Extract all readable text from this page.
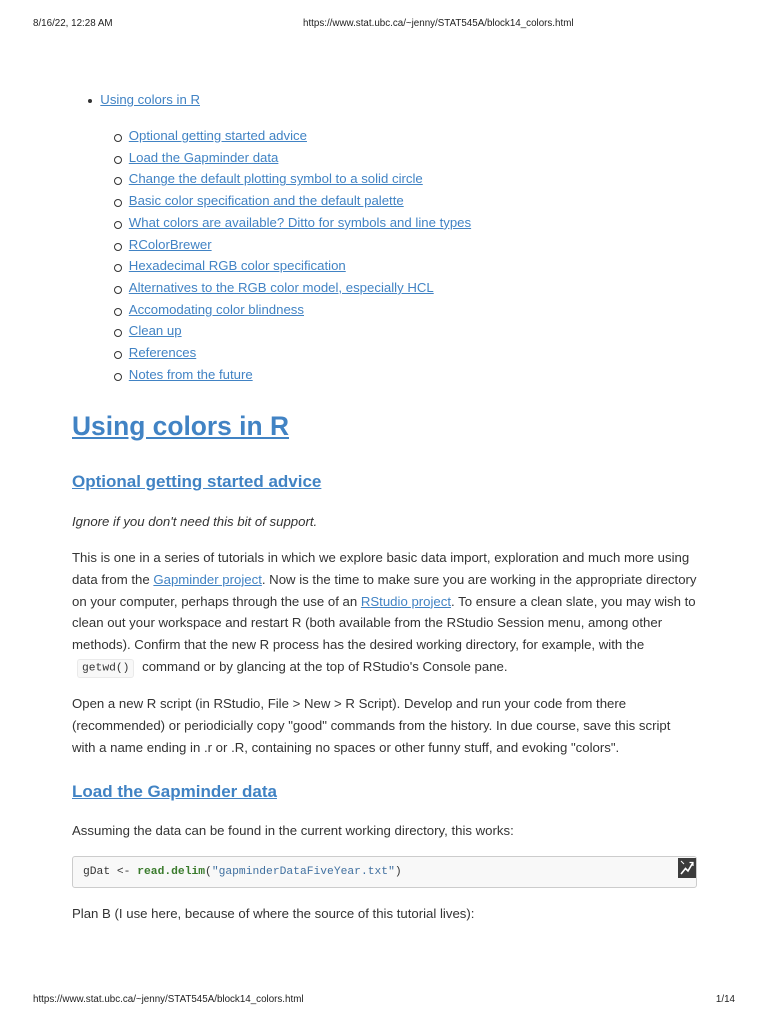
8/16/22, 12:28 AM	https://www.stat.ubc.ca/~jenny/STAT545A/block14_colors.html
Using colors in R
Optional getting started advice
Load the Gapminder data
Change the default plotting symbol to a solid circle
Basic color specification and the default palette
What colors are available? Ditto for symbols and line types
RColorBrewer
Hexadecimal RGB color specification
Alternatives to the RGB color model, especially HCL
Accomodating color blindness
Clean up
References
Notes from the future
Using colors in R
Optional getting started advice

Ignore if you don't need this bit of support.

This is one in a series of tutorials in which we explore basic data import, exploration and much more using
data from the Gapminder project. Now is the time to make sure you are working in the appropriate directory
on your computer, perhaps through the use of an RStudio project. To ensure a clean slate, you may wish to
clean out your workspace and restart R (both available from the RStudio Session menu, among other
methods). Confirm that the new R process has the desired working directory, for example, with the
getwd() command or by glancing at the top of RStudio's Console pane.

Open a new R script (in RStudio, File > New > R Script). Develop and run your code from there
(recommended) or periodicially copy "good" commands from the history. In due course, save this script
with a name ending in .r or .R, containing no spaces or other funny stuff, and evoking "colors".

Load the Gapminder data

Assuming the data can be found in the current working directory, this works:

gDat <- read.delim("gapminderDataFiveYear.txt")

Plan B (I use here, because of where the source of this tutorial lives):

https://www.stat.ubc.ca/~jenny/STAT545A/block14_colors.html	1/14
